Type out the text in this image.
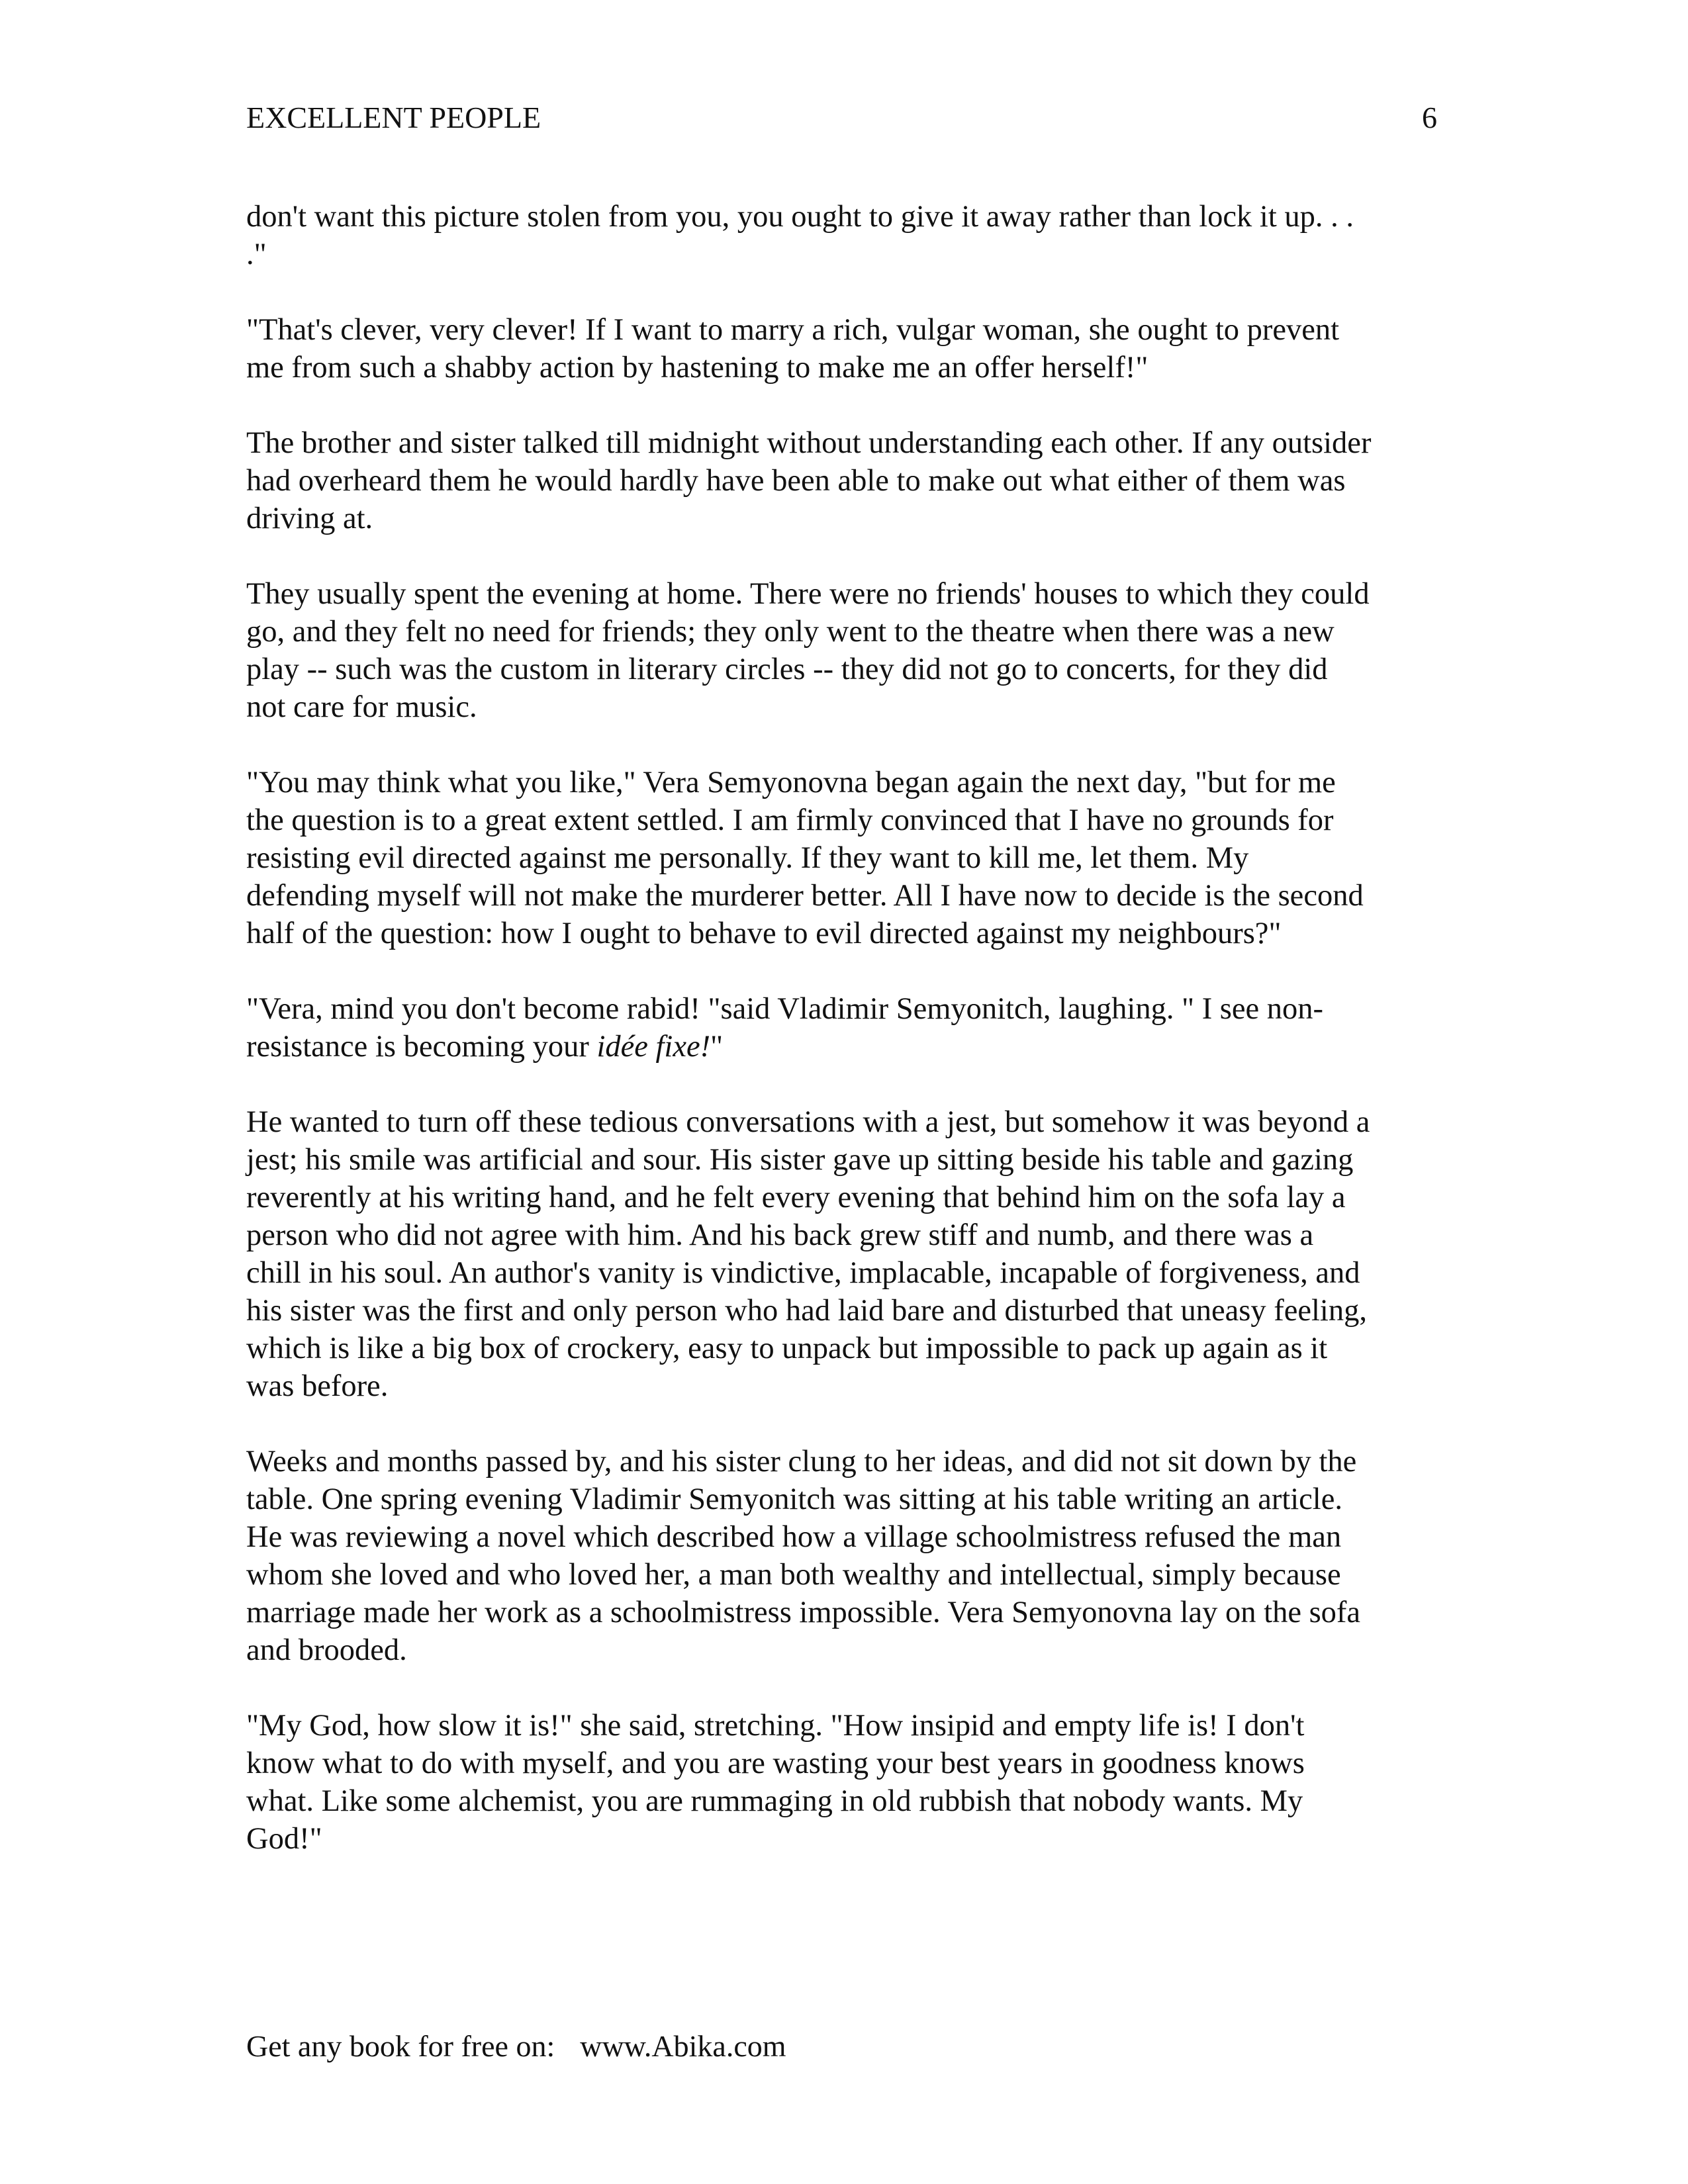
EXCELLENT PEOPLE	6

don't want this picture stolen from you, you ought to give it away rather than lock it up. . . ."

"That's clever, very clever! If I want to marry a rich, vulgar woman, she ought to prevent me from such a shabby action by hastening to make me an offer herself!"

The brother and sister talked till midnight without understanding each other. If any outsider had overheard them he would hardly have been able to make out what either of them was driving at.

They usually spent the evening at home. There were no friends' houses to which they could go, and they felt no need for friends; they only went to the theatre when there was a new play -- such was the custom in literary circles -- they did not go to concerts, for they did not care for music.

"You may think what you like," Vera Semyonovna began again the next day, "but for me the question is to a great extent settled. I am firmly convinced that I have no grounds for resisting evil directed against me personally. If they want to kill me, let them. My defending myself will not make the murderer better. All I have now to decide is the second half of the question: how I ought to behave to evil directed against my neighbours?"

"Vera, mind you don't become rabid! "said Vladimir Semyonitch, laughing. " I see non-resistance is becoming your idée fixe!"

He wanted to turn off these tedious conversations with a jest, but somehow it was beyond a jest; his smile was artificial and sour. His sister gave up sitting beside his table and gazing reverently at his writing hand, and he felt every evening that behind him on the sofa lay a person who did not agree with him. And his back grew stiff and numb, and there was a chill in his soul. An author's vanity is vindictive, implacable, incapable of forgiveness, and his sister was the first and only person who had laid bare and disturbed that uneasy feeling, which is like a big box of crockery, easy to unpack but impossible to pack up again as it was before.

Weeks and months passed by, and his sister clung to her ideas, and did not sit down by the table. One spring evening Vladimir Semyonitch was sitting at his table writing an article. He was reviewing a novel which described how a village schoolmistress refused the man whom she loved and who loved her, a man both wealthy and intellectual, simply because marriage made her work as a schoolmistress impossible. Vera Semyonovna lay on the sofa and brooded.

"My God, how slow it is!" she said, stretching. "How insipid and empty life is! I don't know what to do with myself, and you are wasting your best years in goodness knows what. Like some alchemist, you are rummaging in old rubbish that nobody wants. My God!"

Get any book for free on: www.Abika.com
